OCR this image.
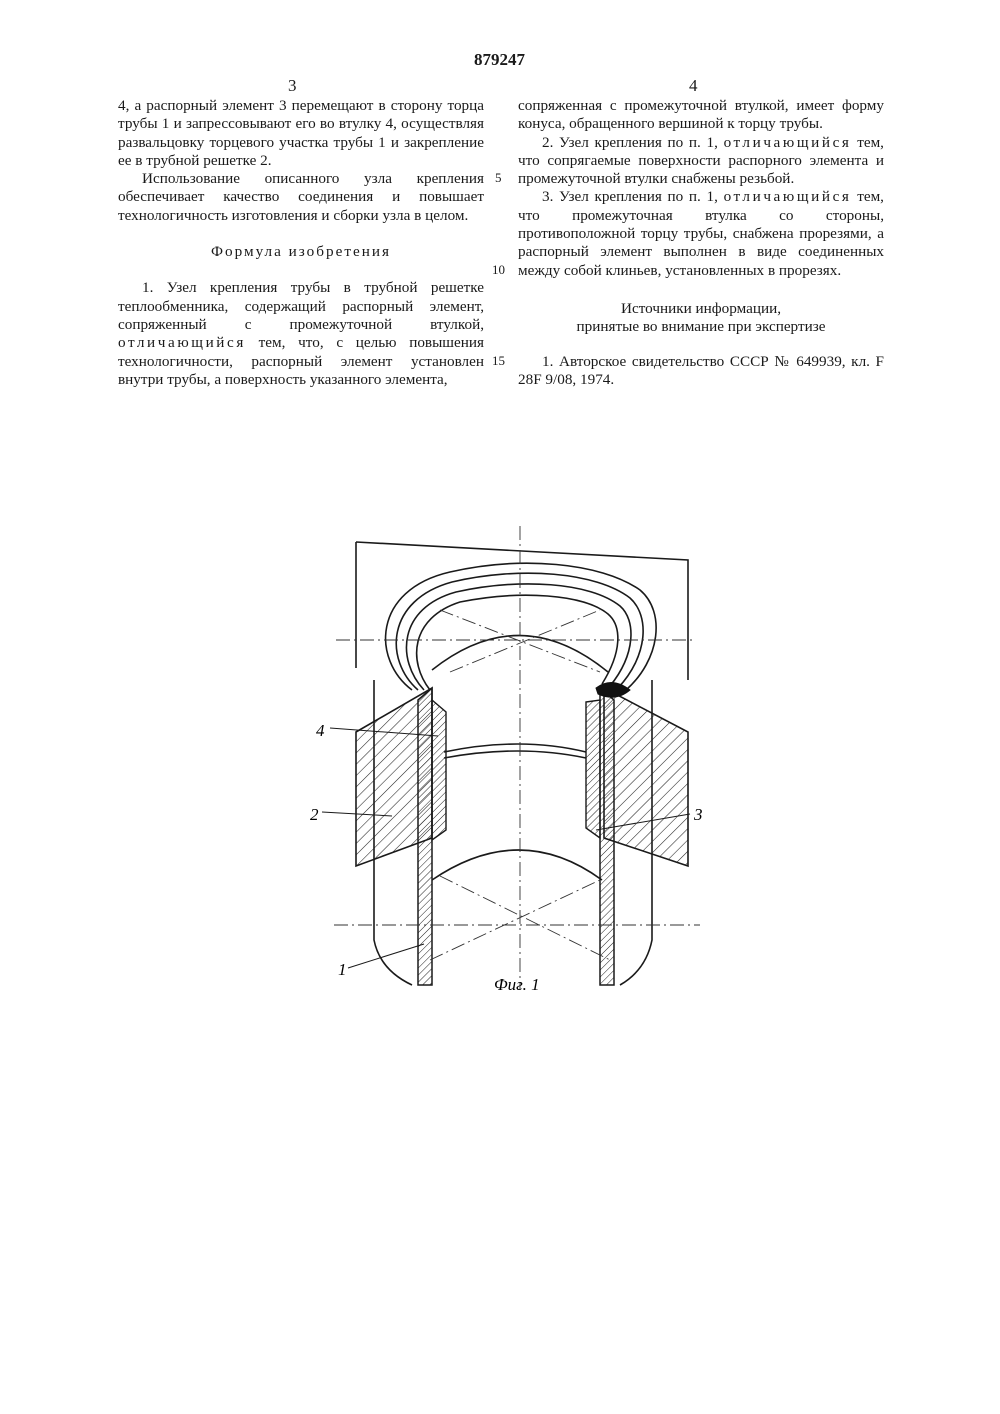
879247
3	4

4, а распорный элемент 3 перемещают в сторону торца трубы 1 и запрессовывают его во втулку 4, осуществляя развальцовку торцевого участка трубы 1 и закрепление ее в трубной решетке 2.

Использование описанного узла крепления обеспечивает качество соединения и повышает технологичность изготовления и сборки узла в целом.

Формула изобретения

1. Узел крепления трубы в трубной решетке теплообменника, содержащий распорный элемент, сопряженный с промежуточной втулкой, отличающийся тем, что, с целью повышения технологичности, распорный элемент установлен внутри трубы, а поверхность указанного элемента,

сопряженная с промежуточной втулкой, имеет форму конуса, обращенного вершиной к торцу трубы.

2. Узел крепления по п. 1, отличающийся тем, что сопрягаемые поверхности распорного элемента и промежуточной втулки снабжены резьбой.

3. Узел крепления по п. 1, отличающийся тем, что промежуточная втулка со стороны, противоположной торцу трубы, снабжена прорезями, а распорный элемент выполнен в виде соединенных между собой клиньев, установленных в прорезях.

Источники информации,

принятые во внимание при экспертизе

1. Авторское свидетельство СССР № 649939, кл. F 28F 9/08, 1974.

5
10
15
4
2	3
1
Фиг. 1
